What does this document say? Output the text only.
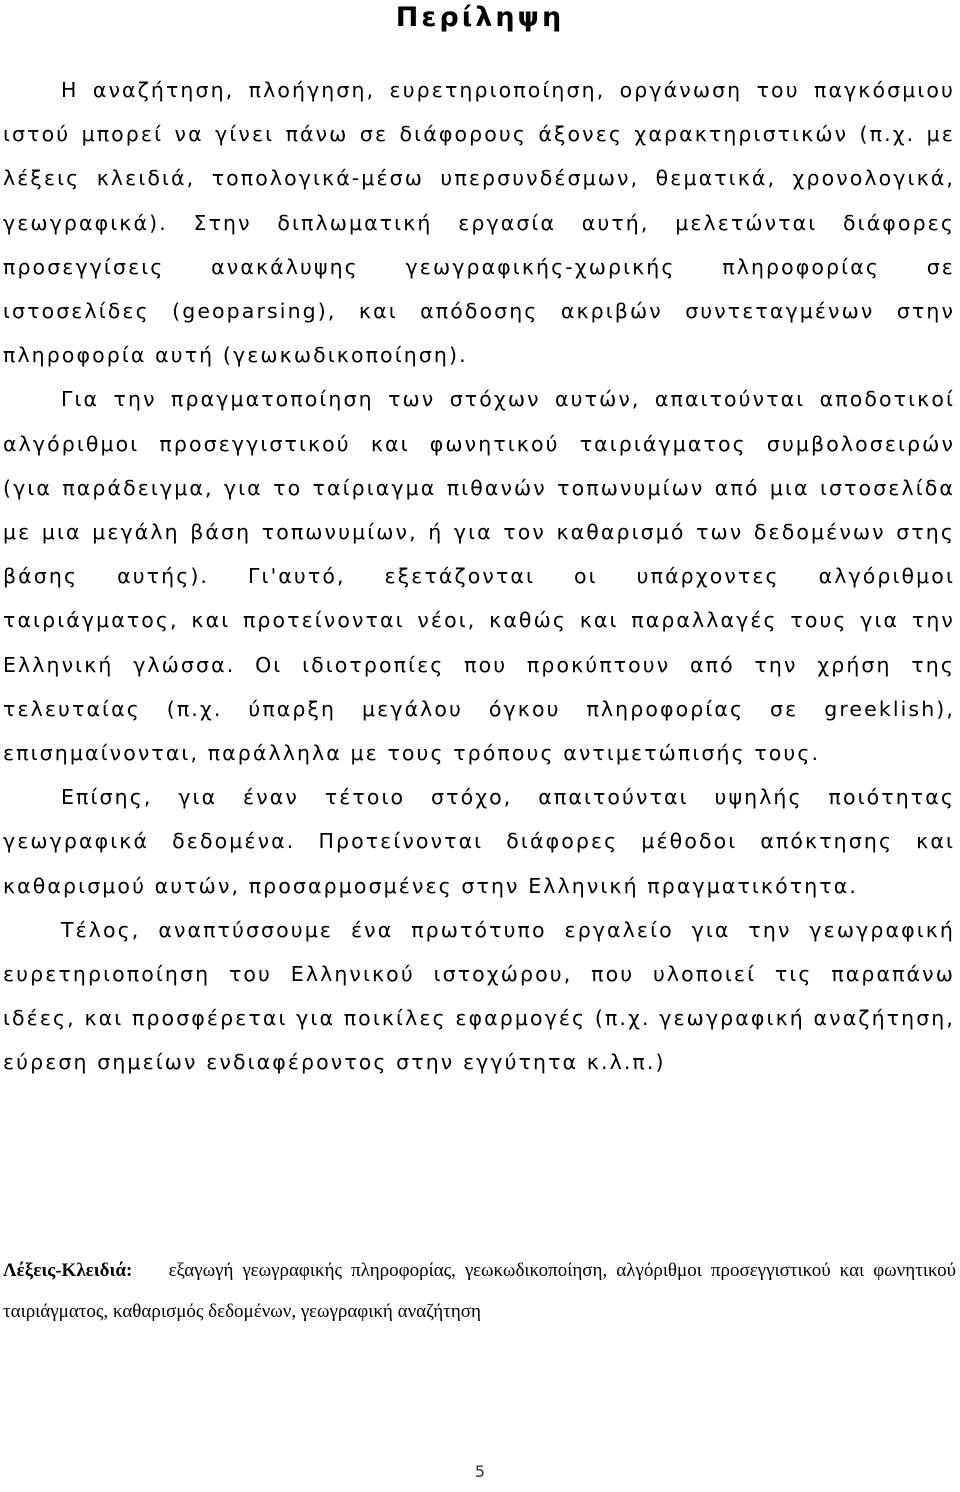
Περίληψη

Η αναζήτηση, πλοήγηση, ευρετηριοποίηση, οργάνωση του παγκόσμιου ιστού μπορεί να γίνει πάνω σε διάφορους άξονες χαρακτηριστικών (π.χ. με λέξεις κλειδιά, τοπολογικά-μέσω υπερσυνδέσμων, θεματικά, χρονολογικά, γεωγραφικά). Στην διπλωματική εργασία αυτή, μελετώνται διάφορες προσεγγίσεις ανακάλυψης γεωγραφικής-χωρικής πληροφορίας σε ιστοσελίδες (geoparsing), και απόδοσης ακριβών συντεταγμένων στην πληροφορία αυτή (γεωκωδικοποίηση).

Για την πραγματοποίηση των στόχων αυτών, απαιτούνται αποδοτικοί αλγόριθμοι προσεγγιστικού και φωνητικού ταιριάγματος συμβολοσειρών (για παράδειγμα, για το ταίριαγμα πιθανών τοπωνυμίων από μια ιστοσελίδα με μια μεγάλη βάση τοπωνυμίων, ή για τον καθαρισμό των δεδομένων στης βάσης αυτής). Γι'αυτό, εξετάζονται οι υπάρχοντες αλγόριθμοι ταιριάγματος, και προτείνονται νέοι, καθώς και παραλλαγές τους για την Ελληνική γλώσσα. Οι ιδιοτροπίες που προκύπτουν από την χρήση της τελευταίας (π.χ. ύπαρξη μεγάλου όγκου πληροφορίας σε greeklish), επισημαίνονται, παράλληλα με τους τρόπους αντιμετώπισής τους.

Επίσης, για έναν τέτοιο στόχο, απαιτούνται υψηλής ποιότητας γεωγραφικά δεδομένα. Προτείνονται διάφορες μέθοδοι απόκτησης και καθαρισμού αυτών, προσαρμοσμένες στην Ελληνική πραγματικότητα.

Τέλος, αναπτύσσουμε ένα πρωτότυπο εργαλείο για την γεωγραφική ευρετηριοποίηση του Ελληνικού ιστοχώρου, που υλοποιεί τις παραπάνω ιδέες, και προσφέρεται για ποικίλες εφαρμογές (π.χ. γεωγραφική αναζήτηση, εύρεση σημείων ενδιαφέροντος στην εγγύτητα κ.λ.π.)

Λέξεις-Κλειδιά: εξαγωγή γεωγραφικής πληροφορίας, γεωκωδικοποίηση, αλγόριθμοι προσεγγιστικού και φωνητικού ταιριάγματος, καθαρισμός δεδομένων, γεωγραφική αναζήτηση
5
